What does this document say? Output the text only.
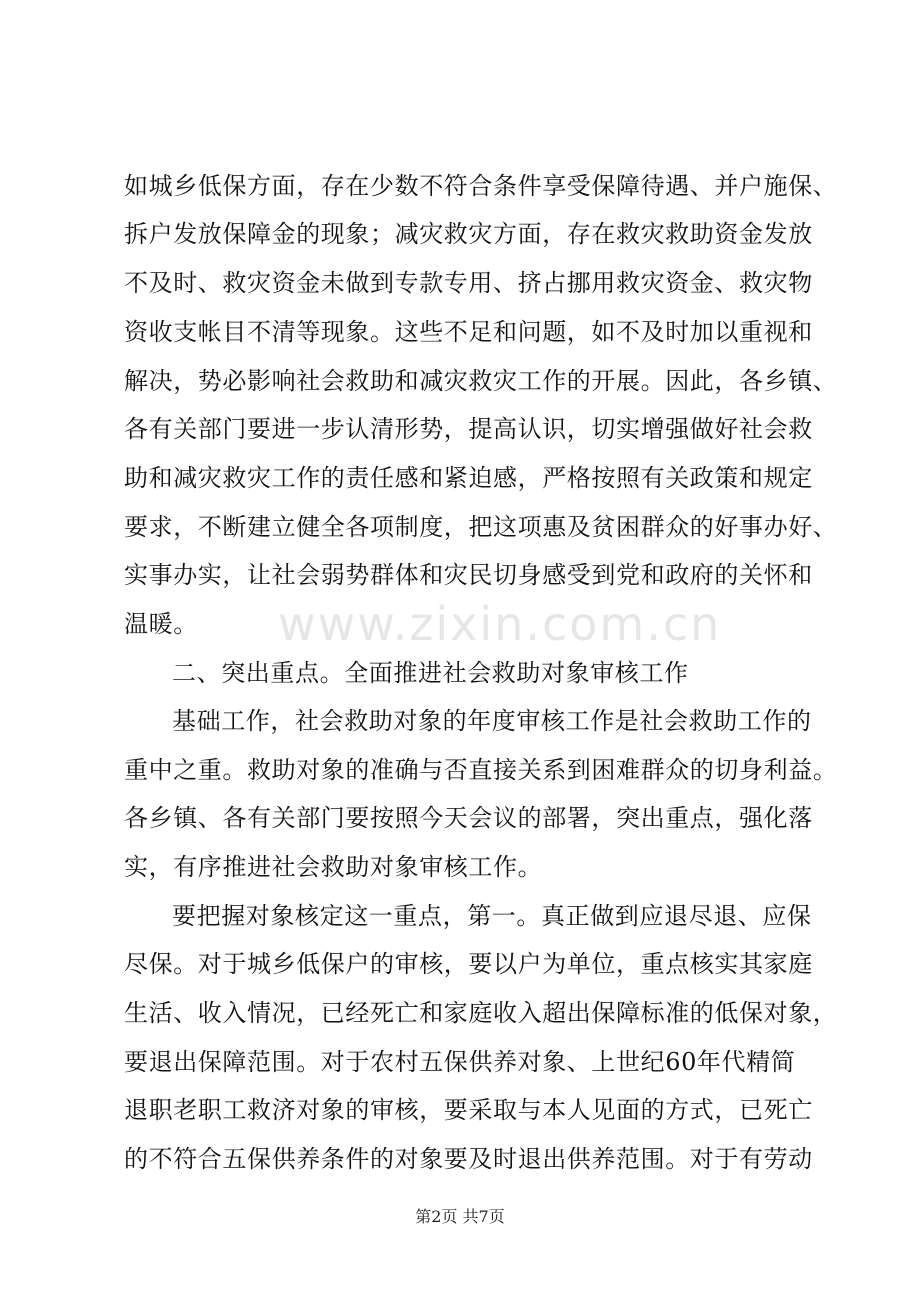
如城乡低保方面，存在少数不符合条件享受保障待遇、并户施保、
拆户发放保障金的现象；减灾救灾方面，存在救灾救助资金发放
不及时、救灾资金未做到专款专用、挤占挪用救灾资金、救灾物
资收支帐目不清等现象。这些不足和问题，如不及时加以重视和
解决，势必影响社会救助和减灾救灾工作的开展。因此，各乡镇、
各有关部门要进一步认清形势，提高认识，切实增强做好社会救
助和减灾救灾工作的责任感和紧迫感，严格按照有关政策和规定
要求，不断建立健全各项制度，把这项惠及贫困群众的好事办好、
实事办实，让社会弱势群体和灾民切身感受到党和政府的关怀和
温暖。	www.zixin.com.cn
二、突出重点。全面推进社会救助对象审核工作
基础工作，社会救助对象的年度审核工作是社会救助工作的
重中之重。救助对象的准确与否直接关系到困难群众的切身利益。
各乡镇、各有关部门要按照今天会议的部署，突出重点，强化落
实，有序推进社会救助对象审核工作。
要把握对象核定这一重点，第一。真正做到应退尽退、应保
尽保。对于城乡低保户的审核，要以户为单位，重点核实其家庭
生活、收入情况，已经死亡和家庭收入超出保障标准的低保对象，
要退出保障范围。对于农村五保供养对象、上世纪60年代精简
退职老职工救济对象的审核，要采取与本人见面的方式，已死亡
的不符合五保供养条件的对象要及时退出供养范围。对于有劳动
第2页 共7页
